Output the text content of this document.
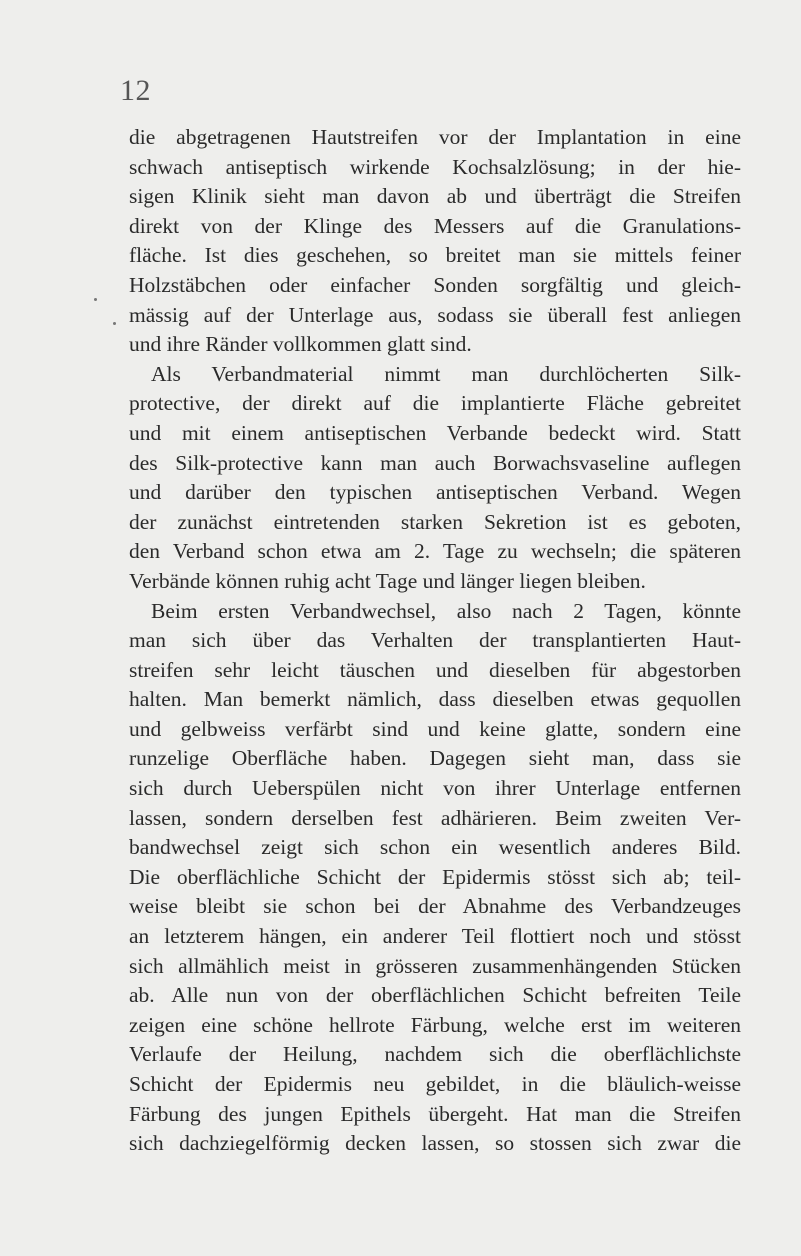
12
die abgetragenen Hautstreifen vor der Implantation in eine
schwach antiseptisch wirkende Kochsalzlösung; in der hie-
sigen Klinik sieht man davon ab und überträgt die Streifen
direkt von der Klinge des Messers auf die Granulations-
fläche. Ist dies geschehen, so breitet man sie mittels feiner
Holzstäbchen oder einfacher Sonden sorgfältig und gleich-
mässig auf der Unterlage aus, sodass sie überall fest anliegen
und ihre Ränder vollkommen glatt sind.
Als Verbandmaterial nimmt man durchlöcherten Silk-
protective, der direkt auf die implantierte Fläche gebreitet
und mit einem antiseptischen Verbande bedeckt wird. Statt
des Silk-protective kann man auch Borwachsvaseline auflegen
und darüber den typischen antiseptischen Verband. Wegen
der zunächst eintretenden starken Sekretion ist es geboten,
den Verband schon etwa am 2. Tage zu wechseln; die späteren
Verbände können ruhig acht Tage und länger liegen bleiben.
Beim ersten Verbandwechsel, also nach 2 Tagen, könnte
man sich über das Verhalten der transplantierten Haut-
streifen sehr leicht täuschen und dieselben für abgestorben
halten. Man bemerkt nämlich, dass dieselben etwas gequollen
und gelbweiss verfärbt sind und keine glatte, sondern eine
runzelige Oberfläche haben. Dagegen sieht man, dass sie
sich durch Ueberspülen nicht von ihrer Unterlage entfernen
lassen, sondern derselben fest adhärieren. Beim zweiten Ver-
bandwechsel zeigt sich schon ein wesentlich anderes Bild.
Die oberflächliche Schicht der Epidermis stösst sich ab; teil-
weise bleibt sie schon bei der Abnahme des Verbandzeuges
an letzterem hängen, ein anderer Teil flottiert noch und stösst
sich allmählich meist in grösseren zusammenhängenden Stücken
ab. Alle nun von der oberflächlichen Schicht befreiten Teile
zeigen eine schöne hellrote Färbung, welche erst im weiteren
Verlaufe der Heilung, nachdem sich die oberflächlichste
Schicht der Epidermis neu gebildet, in die bläulich-weisse
Färbung des jungen Epithels übergeht. Hat man die Streifen
sich dachziegelförmig decken lassen, so stossen sich zwar die
